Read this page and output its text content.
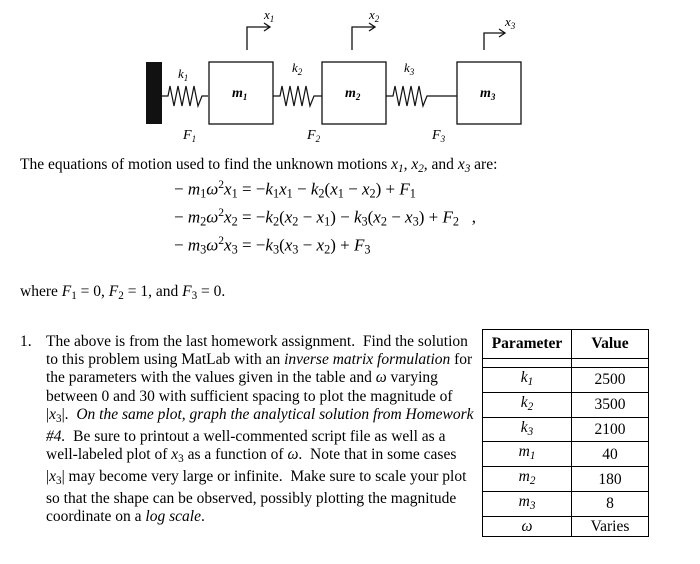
$x_1$	$x_2$	$x_3$
$k_1$
$k_2$	$k_3$
$m_1$	$m_2$	$m_3$
$F_1$	$F_2$	$F_3$
The equations of motion used to find the unknown motions $x_1$, $x_2$, and $x_3$ are:
− $m_1\omega^2x_1 = -k_1x_1 - k_2(x_1 - x_2) + F_1$
− $m_2\omega^2x_2 = -k_2(x_2 - x_1) - k_3(x_2 - x_3) + F_2$   ,
− $m_3\omega^2x_3 = -k_3(x_3 - x_2) + F_3$
where $F_1 = 0$, $F_2 = 1$, and $F_3 = 0$.
1. The above is from the last homework assignment.  Find the solution to this problem using MatLab with an inverse matrix formulation for the parameters with the values given in the table and ω varying between 0 and 30 with sufficient spacing to plot the magnitude of $|x_3|$.  On the same plot, graph the analytical solution from Homework #4.  Be sure to printout a well-commented script file as well as a well-labeled plot of $x_3$ as a function of ω.  Note that in some cases $|x_3|$ may become very large or infinite.  Make sure to scale your plot so that the shape can be observed, possibly plotting the magnitude coordinate on a log scale.
Parameter	Value

$k_1$	2500
$k_2$	3500
$k_3$	2100
$m_1$	40
$m_2$	180
$m_3$	8
ω	Varies
